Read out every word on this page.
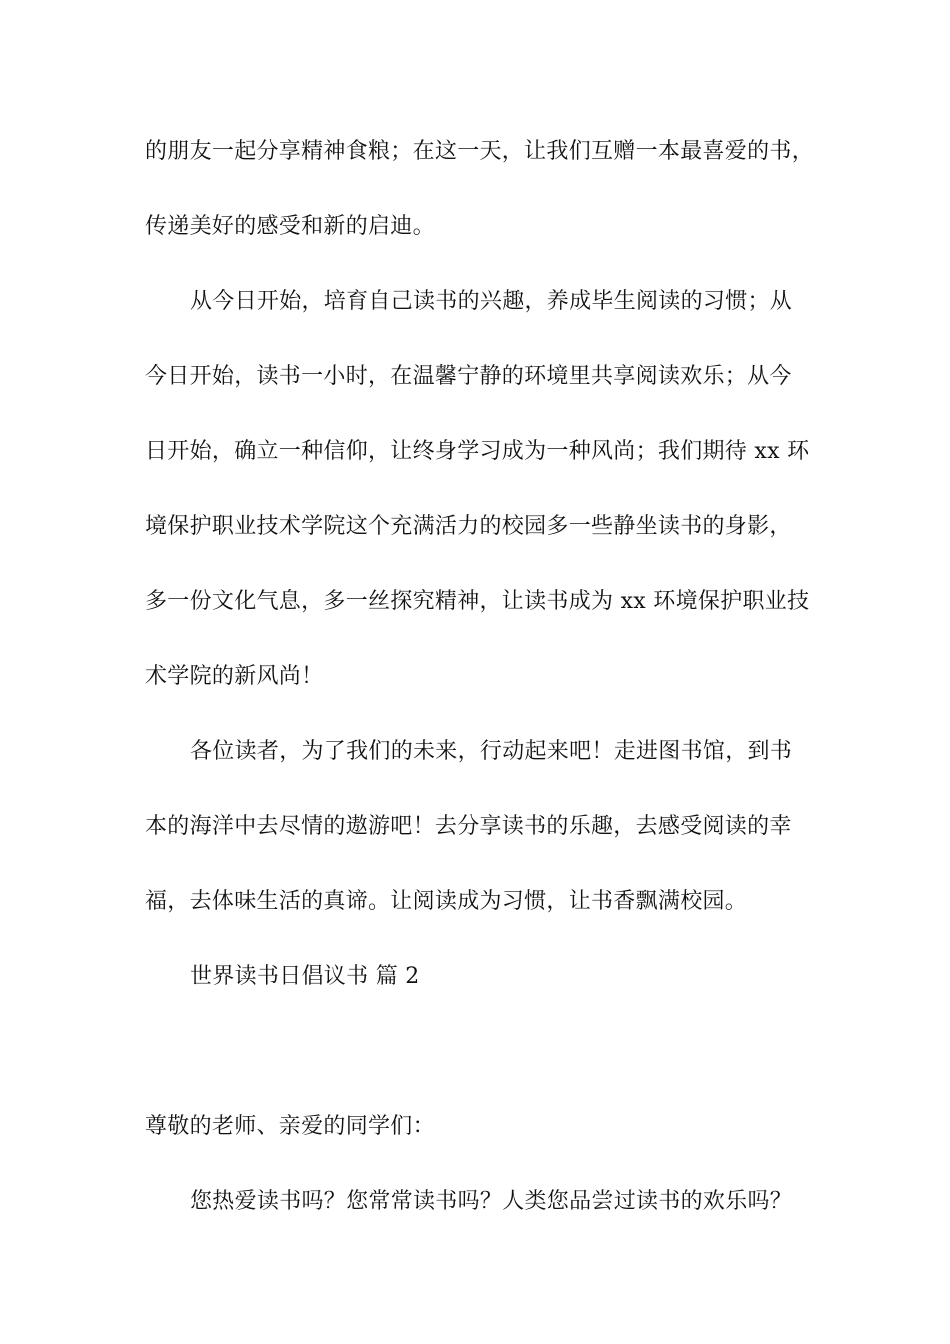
的朋友一起分享精神食粮；在这一天，让我们互赠一本最喜爱的书，
传递美好的感受和新的启迪。
从今日开始，培育自己读书的兴趣，养成毕生阅读的习惯；从
今日开始，读书一小时，在温馨宁静的环境里共享阅读欢乐；从今
日开始，确立一种信仰，让终身学习成为一种风尚；我们期待 xx 环
境保护职业技术学院这个充满活力的校园多一些静坐读书的身影，
多一份文化气息，多一丝探究精神，让读书成为 xx 环境保护职业技
术学院的新风尚！
各位读者，为了我们的未来，行动起来吧！走进图书馆，到书
本的海洋中去尽情的遨游吧！去分享读书的乐趣，去感受阅读的幸
福，去体味生活的真谛。让阅读成为习惯，让书香飘满校园。
世界读书日倡议书 篇 2
尊敬的老师、亲爱的同学们：
您热爱读书吗？您常常读书吗？人类您品尝过读书的欢乐吗？
